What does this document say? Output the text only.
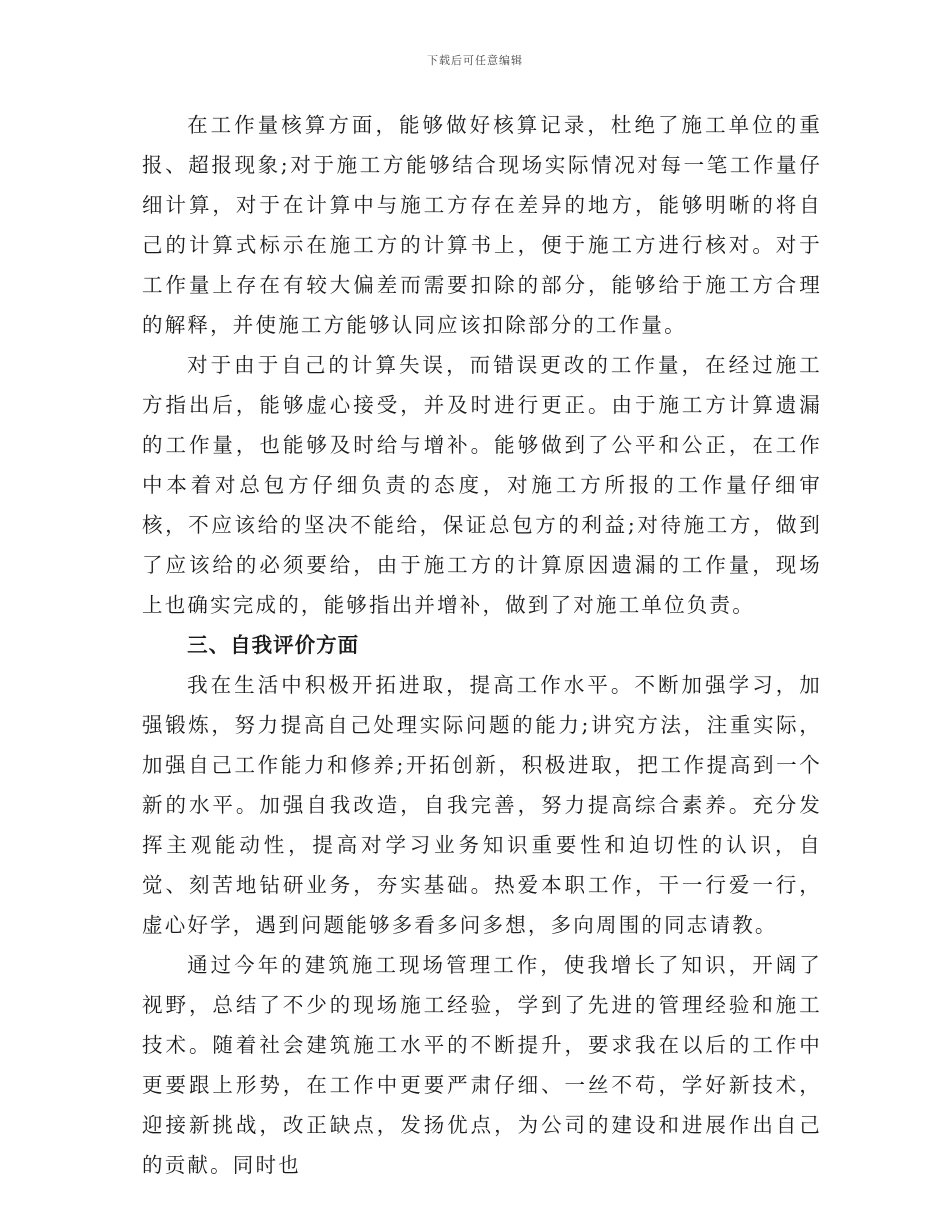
下载后可任意编辑

在工作量核算方面，能够做好核算记录，杜绝了施工单位的重报、超报现象;对于施工方能够结合现场实际情况对每一笔工作量仔细计算，对于在计算中与施工方存在差异的地方，能够明晰的将自己的计算式标示在施工方的计算书上，便于施工方进行核对。对于工作量上存在有较大偏差而需要扣除的部分，能够给于施工方合理的解释，并使施工方能够认同应该扣除部分的工作量。

对于由于自己的计算失误，而错误更改的工作量，在经过施工方指出后，能够虚心接受，并及时进行更正。由于施工方计算遗漏的工作量，也能够及时给与增补。能够做到了公平和公正，在工作中本着对总包方仔细负责的态度，对施工方所报的工作量仔细审核，不应该给的坚决不能给，保证总包方的利益;对待施工方，做到了应该给的必须要给，由于施工方的计算原因遗漏的工作量，现场上也确实完成的，能够指出并增补，做到了对施工单位负责。

三、自我评价方面

我在生活中积极开拓进取，提高工作水平。不断加强学习，加强锻炼，努力提高自己处理实际问题的能力;讲究方法，注重实际，加强自己工作能力和修养;开拓创新，积极进取，把工作提高到一个新的水平。加强自我改造，自我完善，努力提高综合素养。充分发挥主观能动性，提高对学习业务知识重要性和迫切性的认识，自觉、刻苦地钻研业务，夯实基础。热爱本职工作，干一行爱一行，虚心好学，遇到问题能够多看多问多想，多向周围的同志请教。

通过今年的建筑施工现场管理工作，使我增长了知识，开阔了视野，总结了不少的现场施工经验，学到了先进的管理经验和施工技术。随着社会建筑施工水平的不断提升，要求我在以后的工作中更要跟上形势，在工作中更要严肃仔细、一丝不苟，学好新技术，迎接新挑战，改正缺点，发扬优点，为公司的建设和进展作出自己的贡献。同时也
